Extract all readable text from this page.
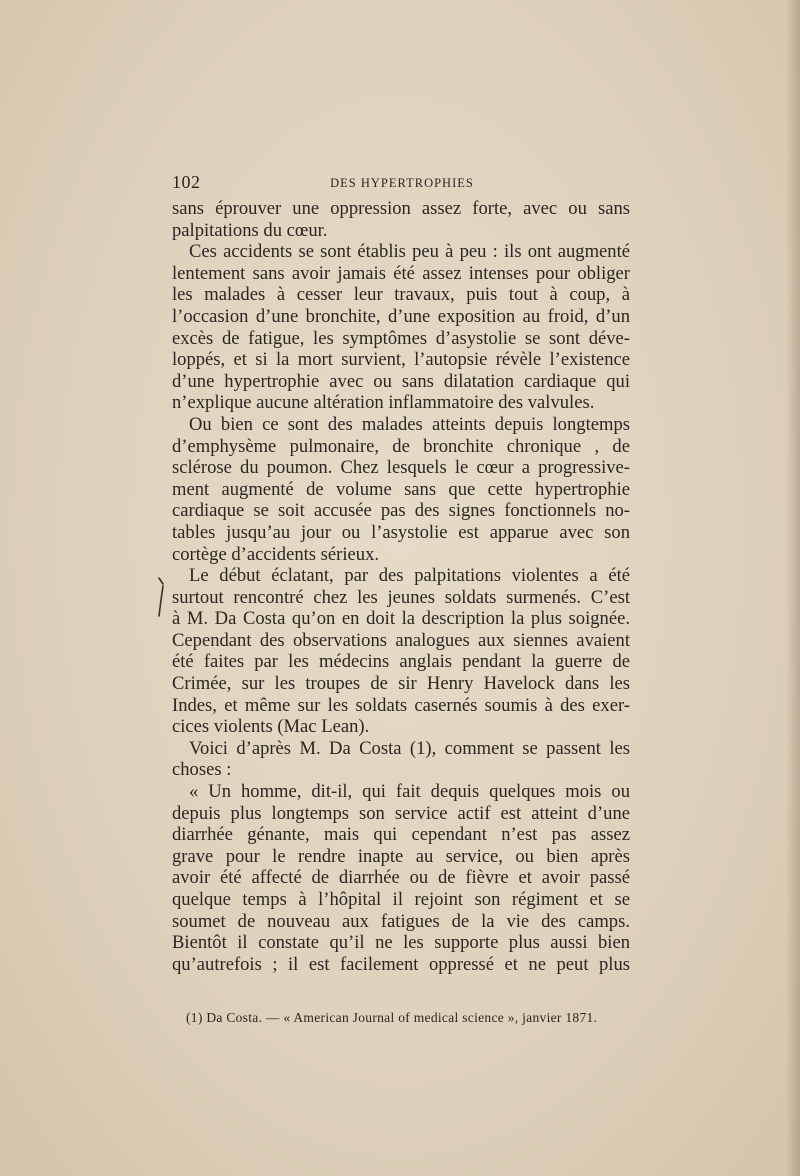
102	DES HYPERTROPHIES
sans éprouver une oppression assez forte, avec ou sans
palpitations du cœur.
Ces accidents se sont établis peu à peu : ils ont augmenté
lentement sans avoir jamais été assez intenses pour obliger
les malades à cesser leur travaux, puis tout à coup, à
l’occasion d’une bronchite, d’une exposition au froid, d’un
excès de fatigue, les symptômes d’asystolie se sont déve-
loppés, et si la mort survient, l’autopsie révèle l’existence
d’une hypertrophie avec ou sans dilatation cardiaque qui
n’explique aucune altération inflammatoire des valvules.
Ou bien ce sont des malades atteints depuis longtemps
d’emphysème pulmonaire, de bronchite chronique , de
sclérose du poumon. Chez lesquels le cœur a progressive-
ment augmenté de volume sans que cette hypertrophie
cardiaque se soit accusée pas des signes fonctionnels no-
tables jusqu’au jour ou l’asystolie est apparue avec son
cortège d’accidents sérieux.
Le début éclatant, par des palpitations violentes a été
surtout rencontré chez les jeunes soldats surmenés. C’est
à M. Da Costa qu’on en doit la description la plus soignée.
Cependant des observations analogues aux siennes avaient
été faites par les médecins anglais pendant la guerre de
Crimée, sur les troupes de sir Henry Havelock dans les
Indes, et même sur les soldats casernés soumis à des exer-
cices violents (Mac Lean).
Voici d’après M. Da Costa (1), comment se passent les
choses :
« Un homme, dit-il, qui fait dequis quelques mois ou
depuis plus longtemps son service actif est atteint d’une
diarrhée génante, mais qui cependant n’est pas assez
grave pour le rendre inapte au service, ou bien après
avoir été affecté de diarrhée ou de fièvre et avoir passé
quelque temps à l’hôpital il rejoint son régiment et se
soumet de nouveau aux fatigues de la vie des camps.
Bientôt il constate qu’il ne les supporte plus aussi bien
qu’autrefois ; il est facilement oppressé et ne peut plus
(1) Da Costa. — « American Journal of medical science », janvier 1871.
